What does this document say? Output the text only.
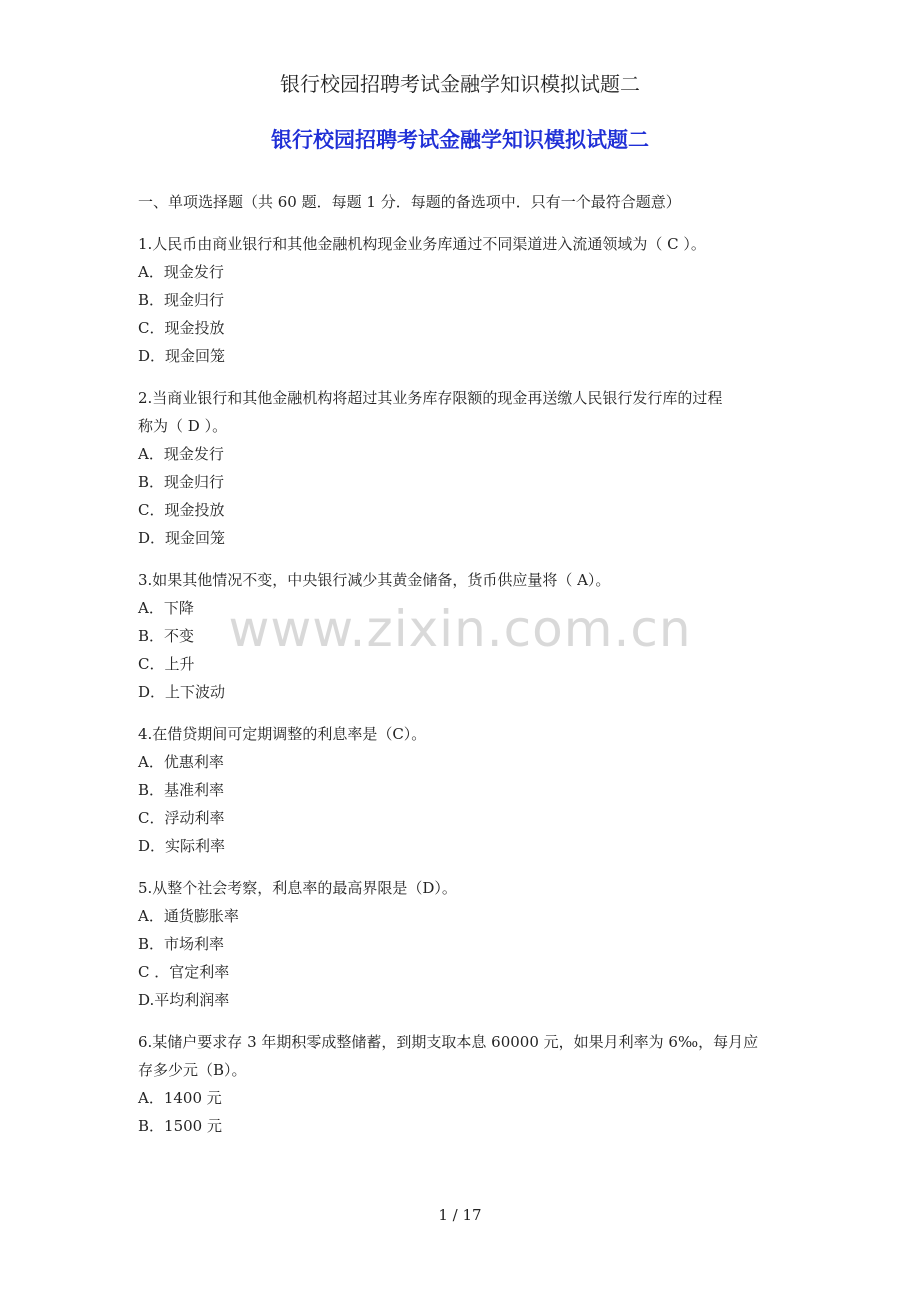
银行校园招聘考试金融学知识模拟试题二
银行校园招聘考试金融学知识模拟试题二

一、单项选择题（共 60 题．每题 1 分．每题的备选项中．只有一个最符合题意）

1.人民币由商业银行和其他金融机构现金业务库通过不同渠道进入流通领域为（ C ）。

A．现金发行

B．现金归行

C．现金投放

D．现金回笼

2.当商业银行和其他金融机构将超过其业务库存限额的现金再送缴人民银行发行库的过程

称为（ D ）。

A．现金发行

B．现金归行

C．现金投放

D．现金回笼

3.如果其他情况不变，中央银行减少其黄金储备，货币供应量将（ A）。

A．下降

B．不变

C．上升

D．上下波动

4.在借贷期间可定期调整的利息率是（C）。

A．优惠利率

B．基准利率

C．浮动利率

D．实际利率

5.从整个社会考察，利息率的最高界限是（D）。

A．通货膨胀率

B．市场利率

C ．官定利率

D.平均利润率

6.某储户要求存 3 年期积零成整储蓄，到期支取本息 60000 元，如果月利率为 6‰，每月应

存多少元（B）。

A．1400 元

B．1500 元

www.zixin.com.cn
1 / 17
